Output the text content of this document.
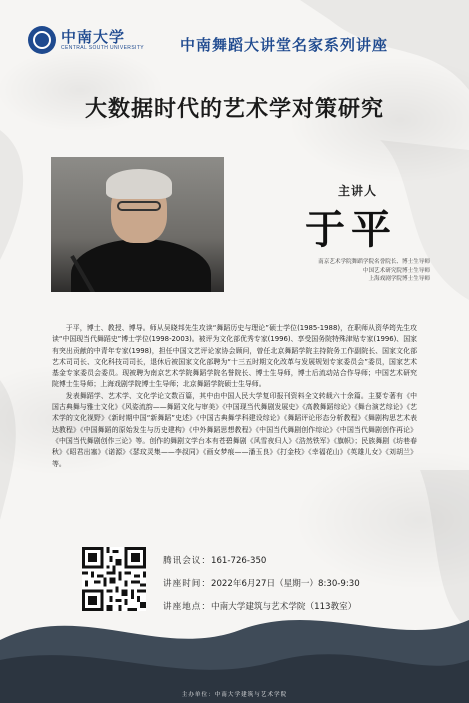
中南大学
CENTRAL SOUTH UNIVERSITY 中南舞蹈大讲堂名家系列讲座
大数据时代的艺术学对策研究
主讲人
于平
南京艺术学院舞蹈学院名誉院长、博士生导师
中国艺术研究院博士生导师
上海戏剧学院博士生导师

于平，博士、教授、博导。师从吴晓邦先生攻读“舞蹈历史与理论”硕士学位(1985-1988)，在职师从资华筠先生攻读“中国现当代舞蹈史”博士学位(1998-2003)。被评为文化部优秀专家(1996)、享受国务院特殊津贴专家(1996)、国家有突出贡献的中青年专家(1998)，担任中国文艺评论家协会顾问，曾任北京舞蹈学院主持院务工作副院长、国家文化部艺术司司长、文化科技司司长，退休后被国家文化部聘为“十三五时期文化改革与发展规划专家委员会”委员，国家艺术基金专家委员会委员。现被聘为南京艺术学院舞蹈学院名誉院长、博士生导师，博士后流动站合作导师；中国艺术研究院博士生导师；上海戏剧学院博士生导师；北京舞蹈学院硕士生导师。

发表舞蹈学、艺术学、文化学论文数百篇，其中由中国人民大学复印报刊资料全文转载六十余篇。主要专著有《中国古典舞与雅士文化》《风姿流韵——舞蹈文化与审美》《中国现当代舞剧发展史》《高教舞蹈综论》《舞台演艺综论》《艺术学的文化视野》《新时期中国“新舞蹈”史述》《中国古典舞学科建设综论》《舞蹈评论形态分析教程》《舞剧构思艺术表达教程》《中国舞蹈的原始发生与历史建构》《中外舞蹈思想教程》《中国当代舞剧创作综论》《中国当代舞剧创作再论》《中国当代舞剧创作三论》等。创作的舞剧文学台本有苍碧舞剧《风雪夜归人》《浩然铁军》《旗帜》；民族舞剧《坊巷春秋》《昭君出塞》《诺源》《瑟玟灵集——李叔同》《画女梦痕——潘玉良》《打金枝》《幸福花山》《英雄儿女》《刘胡兰》等。

腾讯会议：161-726-350
讲座时间：2022年6月27日（星期一）8:30-9:30
讲座地点：中南大学建筑与艺术学院（113教室）
主办单位：中南大学建筑与艺术学院
